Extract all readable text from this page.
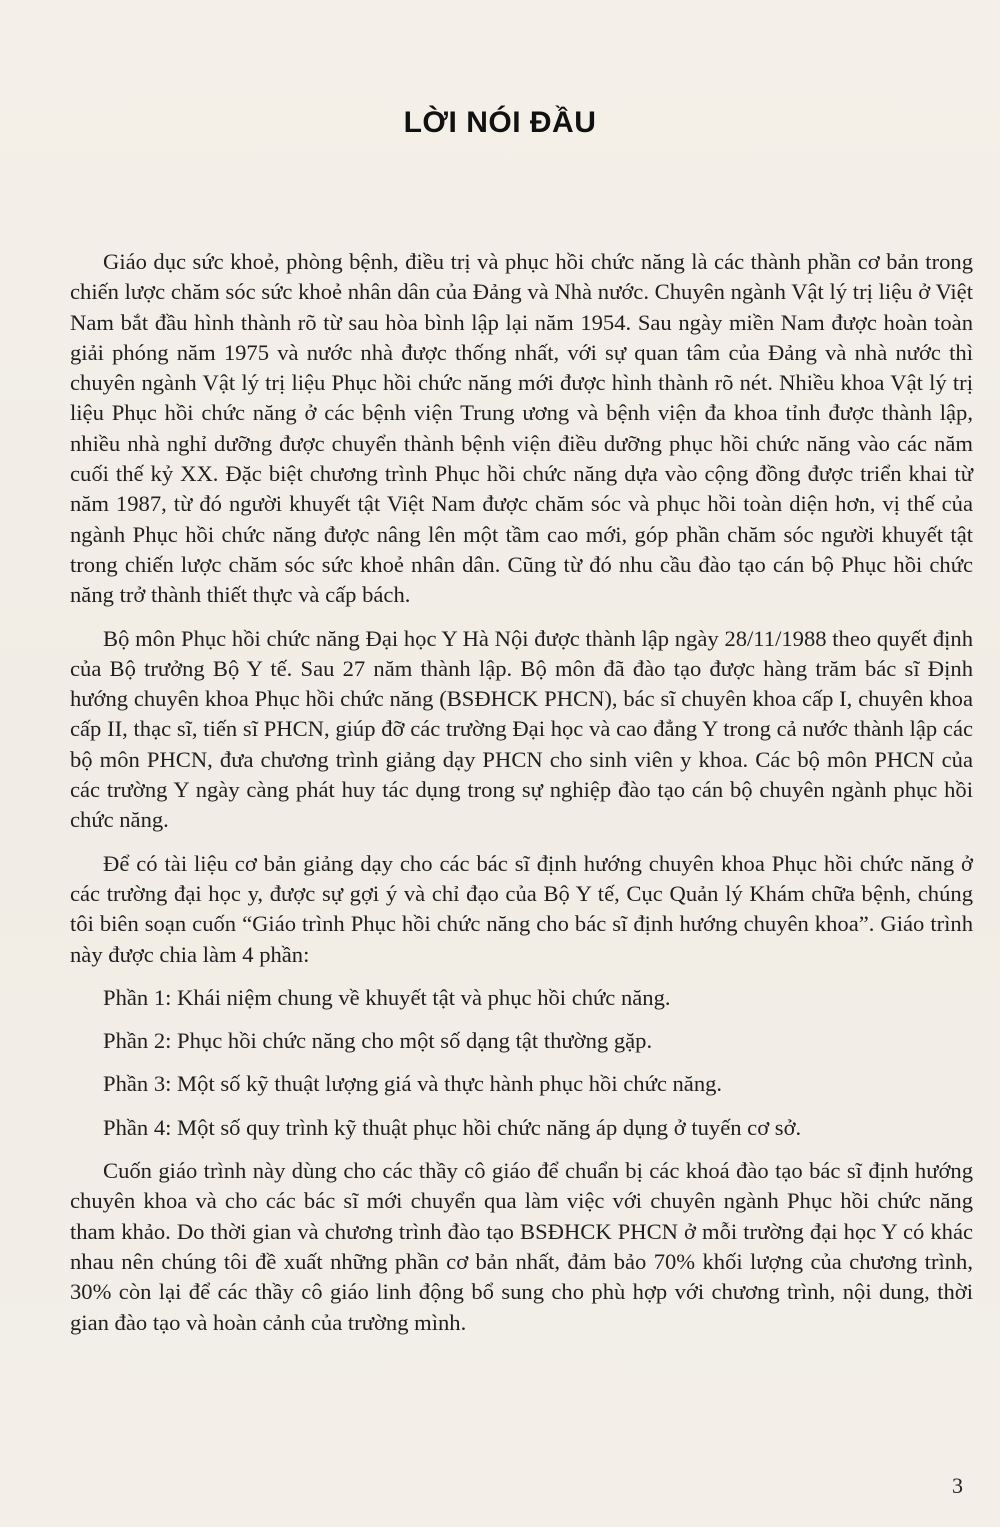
LỜI NÓI ĐẦU

Giáo dục sức khoẻ, phòng bệnh, điều trị và phục hồi chức năng là các thành phần cơ bản trong chiến lược chăm sóc sức khoẻ nhân dân của Đảng và Nhà nước. Chuyên ngành Vật lý trị liệu ở Việt Nam bắt đầu hình thành rõ từ sau hòa bình lập lại năm 1954. Sau ngày miền Nam được hoàn toàn giải phóng năm 1975 và nước nhà được thống nhất, với sự quan tâm của Đảng và nhà nước thì chuyên ngành Vật lý trị liệu Phục hồi chức năng mới được hình thành rõ nét. Nhiều khoa Vật lý trị liệu Phục hồi chức năng ở các bệnh viện Trung ương và bệnh viện đa khoa tỉnh được thành lập, nhiều nhà nghỉ dưỡng được chuyển thành bệnh viện điều dưỡng phục hồi chức năng vào các năm cuối thế kỷ XX. Đặc biệt chương trình Phục hồi chức năng dựa vào cộng đồng được triển khai từ năm 1987, từ đó người khuyết tật Việt Nam được chăm sóc và phục hồi toàn diện hơn, vị thế của ngành Phục hồi chức năng được nâng lên một tầm cao mới, góp phần chăm sóc người khuyết tật trong chiến lược chăm sóc sức khoẻ nhân dân. Cũng từ đó nhu cầu đào tạo cán bộ Phục hồi chức năng trở thành thiết thực và cấp bách.

Bộ môn Phục hồi chức năng Đại học Y Hà Nội được thành lập ngày 28/11/1988 theo quyết định của Bộ trưởng Bộ Y tế. Sau 27 năm thành lập. Bộ môn đã đào tạo được hàng trăm bác sĩ Định hướng chuyên khoa Phục hồi chức năng (BSĐHCK PHCN), bác sĩ chuyên khoa cấp I, chuyên khoa cấp II, thạc sĩ, tiến sĩ PHCN, giúp đỡ các trường Đại học và cao đẳng Y trong cả nước thành lập các bộ môn PHCN, đưa chương trình giảng dạy PHCN cho sinh viên y khoa. Các bộ môn PHCN của các trường Y ngày càng phát huy tác dụng trong sự nghiệp đào tạo cán bộ chuyên ngành phục hồi chức năng.

Để có tài liệu cơ bản giảng dạy cho các bác sĩ định hướng chuyên khoa Phục hồi chức năng ở các trường đại học y, được sự gợi ý và chỉ đạo của Bộ Y tế, Cục Quản lý Khám chữa bệnh, chúng tôi biên soạn cuốn “Giáo trình Phục hồi chức năng cho bác sĩ định hướng chuyên khoa”. Giáo trình này được chia làm 4 phần:

Phần 1: Khái niệm chung về khuyết tật và phục hồi chức năng.

Phần 2: Phục hồi chức năng cho một số dạng tật thường gặp.

Phần 3: Một số kỹ thuật lượng giá và thực hành phục hồi chức năng.

Phần 4: Một số quy trình kỹ thuật phục hồi chức năng áp dụng ở tuyến cơ sở.

Cuốn giáo trình này dùng cho các thầy cô giáo để chuẩn bị các khoá đào tạo bác sĩ định hướng chuyên khoa và cho các bác sĩ mới chuyển qua làm việc với chuyên ngành Phục hồi chức năng tham khảo. Do thời gian và chương trình đào tạo BSĐHCK PHCN ở mỗi trường đại học Y có khác nhau nên chúng tôi đề xuất những phần cơ bản nhất, đảm bảo 70% khối lượng của chương trình, 30% còn lại để các thầy cô giáo linh động bổ sung cho phù hợp với chương trình, nội dung, thời gian đào tạo và hoàn cảnh của trường mình.

3
